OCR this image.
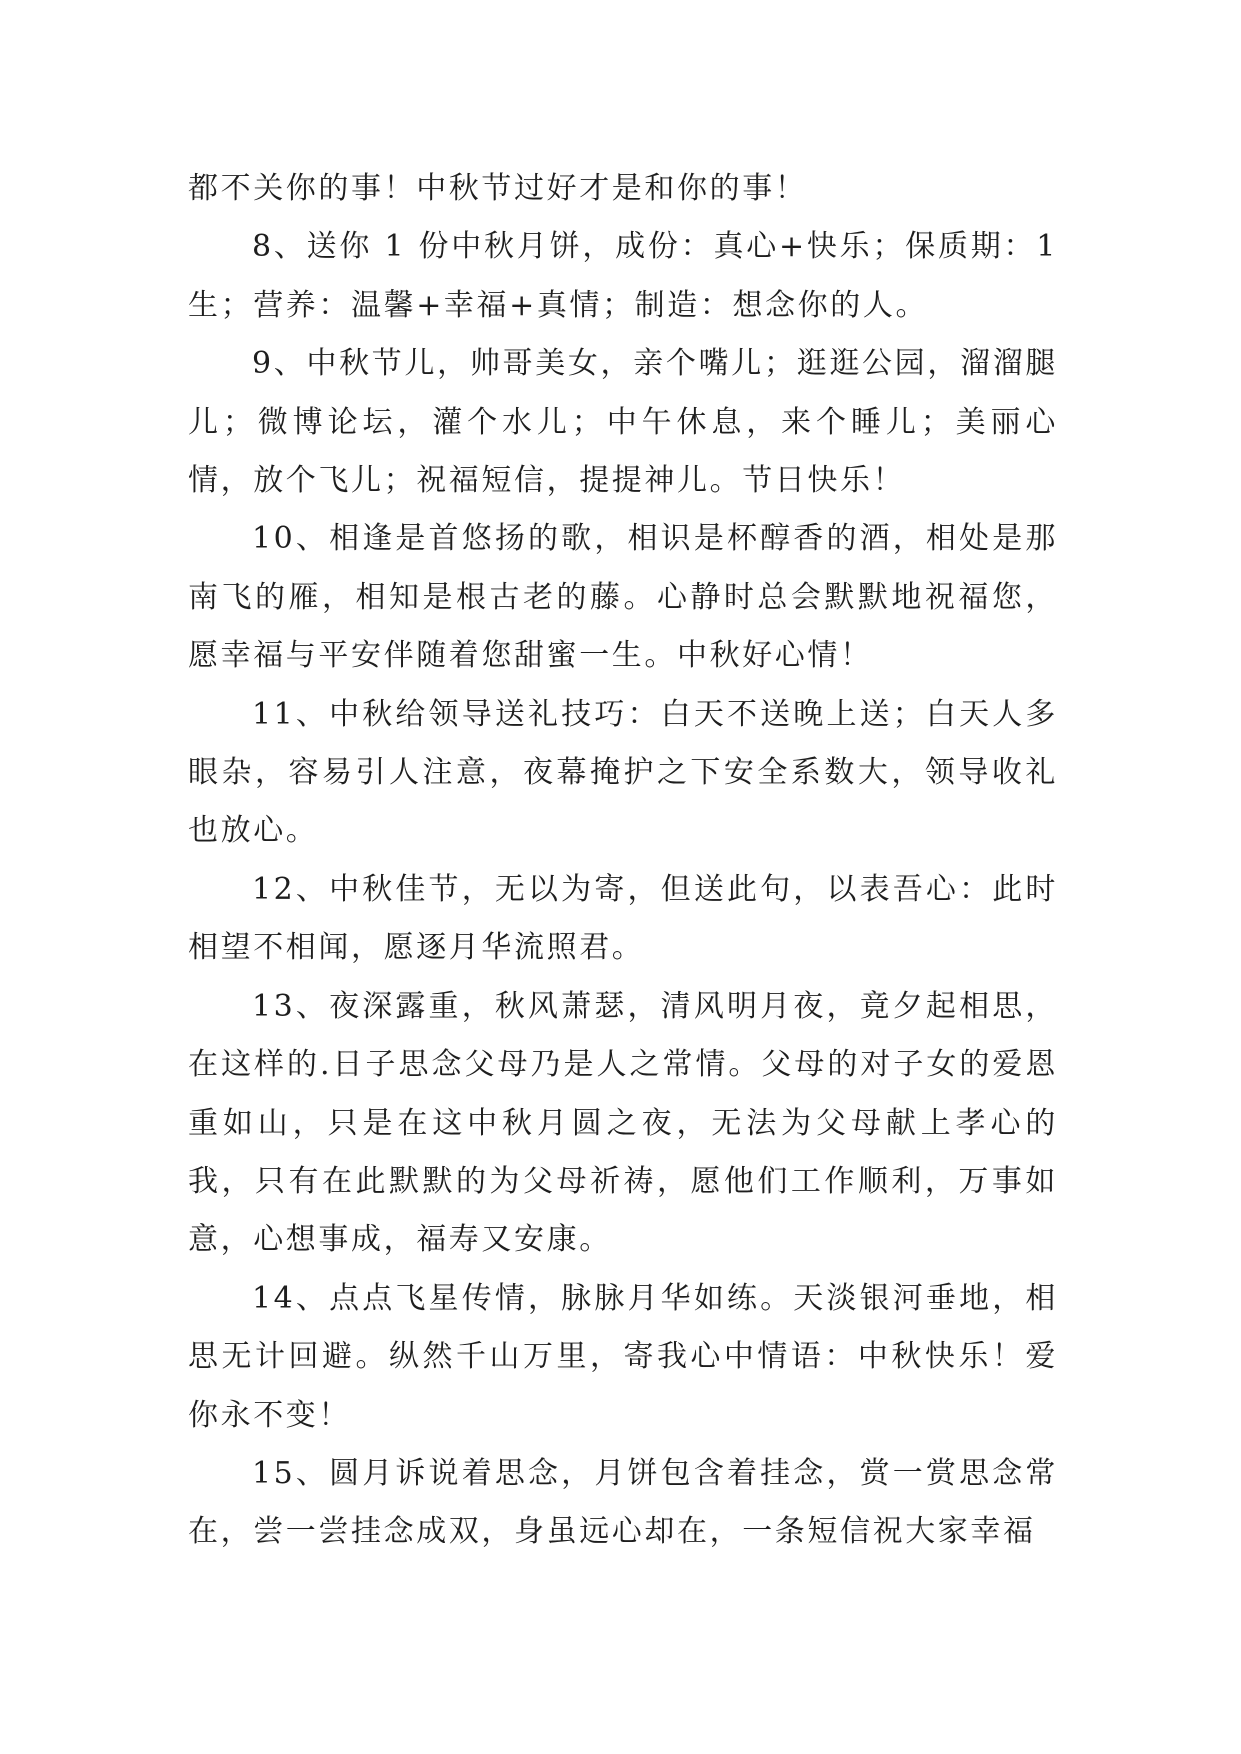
都不关你的事！中秋节过好才是和你的事！

8、送你 1 份中秋月饼，成份：真心+快乐；保质期：1 生；营养：温馨+幸福+真情；制造：想念你的人。

9、中秋节儿，帅哥美女，亲个嘴儿；逛逛公园，溜溜腿儿；微博论坛，灌个水儿；中午休息，来个睡儿；美丽心情，放个飞儿；祝福短信，提提神儿。节日快乐！

10、相逢是首悠扬的歌，相识是杯醇香的酒，相处是那南飞的雁，相知是根古老的藤。心静时总会默默地祝福您，愿幸福与平安伴随着您甜蜜一生。中秋好心情！

11、中秋给领导送礼技巧：白天不送晚上送；白天人多眼杂，容易引人注意，夜幕掩护之下安全系数大，领导收礼也放心。

12、中秋佳节，无以为寄，但送此句，以表吾心：此时相望不相闻，愿逐月华流照君。

13、夜深露重，秋风萧瑟，清风明月夜，竟夕起相思，在这样的.日子思念父母乃是人之常情。父母的对子女的爱恩重如山，只是在这中秋月圆之夜，无法为父母献上孝心的我，只有在此默默的为父母祈祷，愿他们工作顺利，万事如意，心想事成，福寿又安康。

14、点点飞星传情，脉脉月华如练。天淡银河垂地，相思无计回避。纵然千山万里，寄我心中情语：中秋快乐！爱你永不变！

15、圆月诉说着思念，月饼包含着挂念，赏一赏思念常在，尝一尝挂念成双，身虽远心却在，一条短信祝大家幸福
